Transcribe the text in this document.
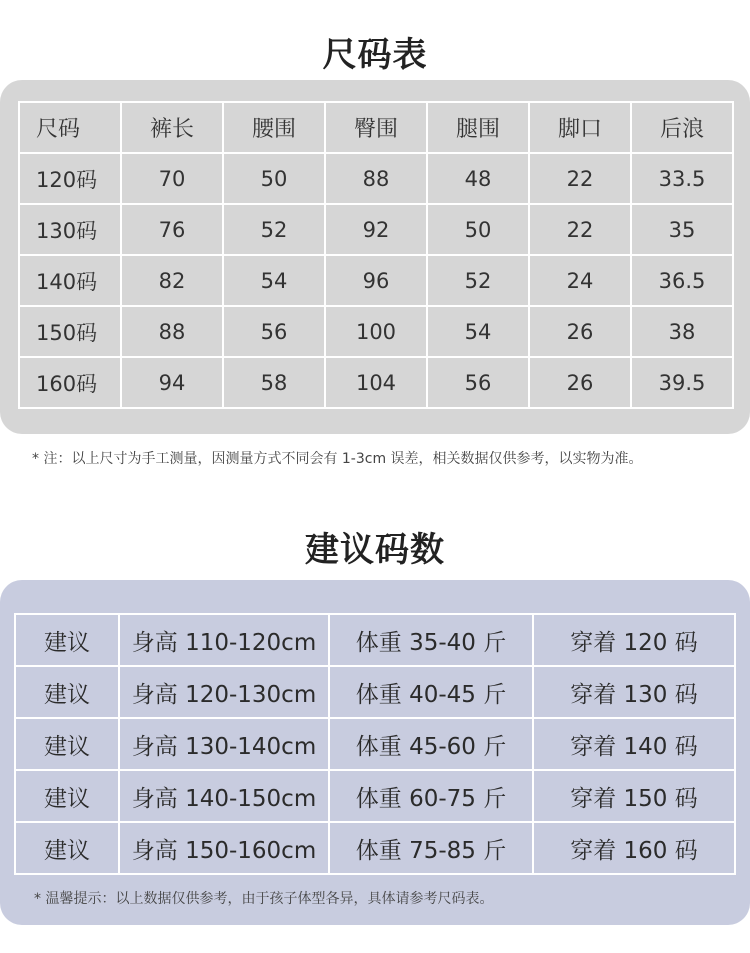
尺码表
尺码	裤长	腰围	臀围	腿围	脚口	后浪
120码	70	50	88	48	22	33.5
130码	76	52	92	50	22	35
140码	82	54	96	52	24	36.5
150码	88	56	100	54	26	38
160码	94	58	104	56	26	39.5
* 注：以上尺寸为手工测量，因测量方式不同会有 1-3cm 误差，相关数据仅供参考，以实物为准。
建议码数
建议	身高 110-120cm	体重 35-40 斤	穿着 120 码
建议	身高 120-130cm	体重 40-45 斤	穿着 130 码
建议	身高 130-140cm	体重 45-60 斤	穿着 140 码
建议	身高 140-150cm	体重 60-75 斤	穿着 150 码
建议	身高 150-160cm	体重 75-85 斤	穿着 160 码
* 温馨提示：以上数据仅供参考，由于孩子体型各异，具体请参考尺码表。
